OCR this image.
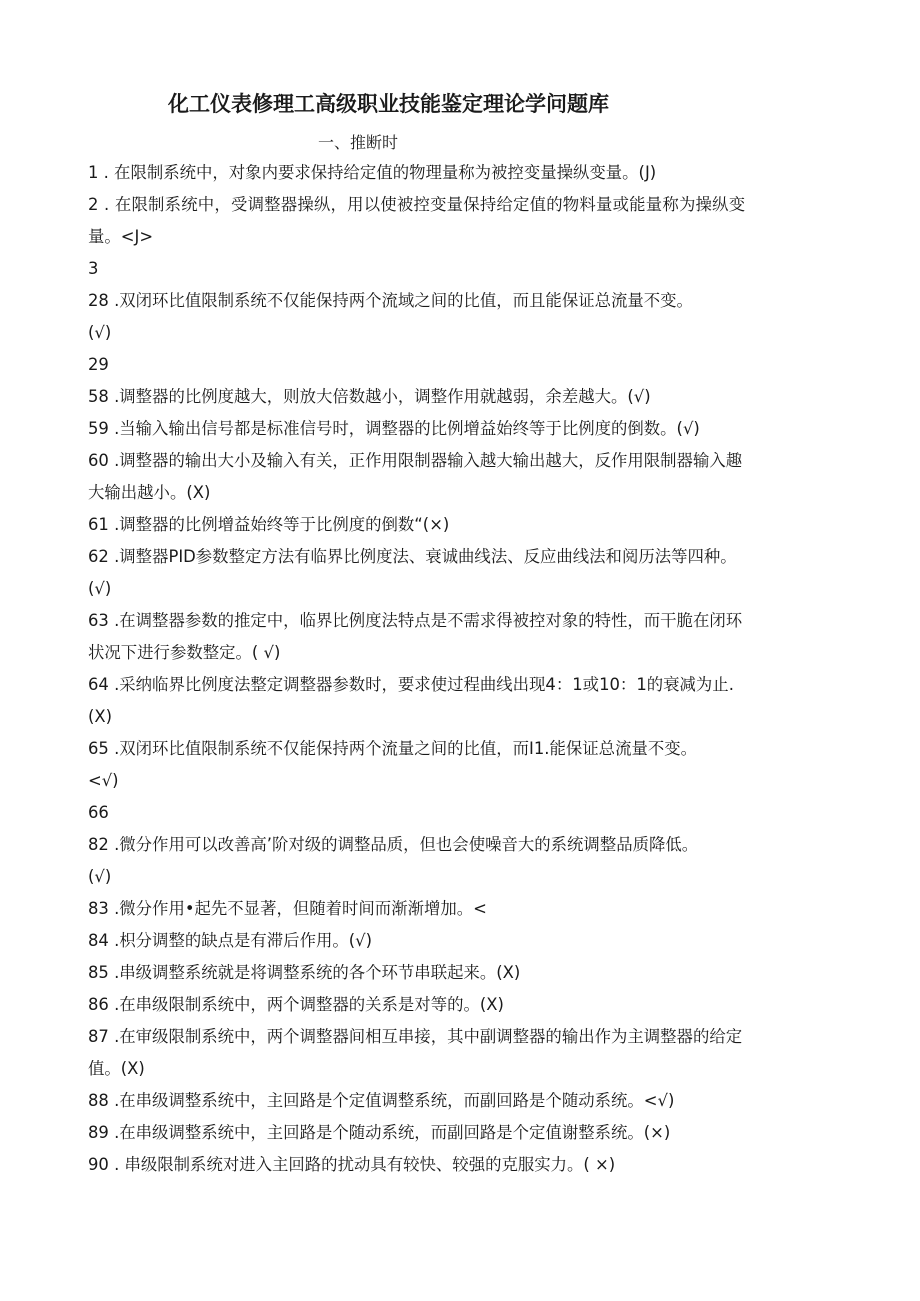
化工仪表修理工高级职业技能鉴定理论学问题库
一、推断时
1 . 在限制系统中，对象内要求保持给定值的物理量称为被控变量操纵变量。(J)
2 . 在限制系统中，受调整器操纵，用以使被控变量保持给定值的物料量或能量称为操纵变
量。<J>
3
28 .双闭环比值限制系统不仅能保持两个流域之间的比值，而且能保证总流量不变。
(√)
29
58 .调整器的比例度越大，则放大倍数越小，调整作用就越弱，余差越大。(√)
59 .当输入输出信号都是标准信号时，调整器的比例增益始终等于比例度的倒数。(√)
60 .调整器的输出大小及输入有关，正作用限制器输入越大输出越大，反作用限制器输入趣
大输出越小。(X)
61 .调整器的比例增益始终等于比例度的倒数“(×)
62 .调整器PID参数整定方法有临界比例度法、衰诚曲线法、反应曲线法和阅历法等四种。
(√)
63 .在调整器参数的推定中，临界比例度法特点是不需求得被控对象的特性，而干脆在闭环
状况下进行参数整定。( √)
64 .采纳临界比例度法整定调整器参数时，要求使过程曲线出现4：1或10：1的衰减为止.
(X)
65 .双闭环比值限制系统不仅能保持两个流量之间的比值，而I1.能保证总流量不变。
<√)
66
82 .微分作用可以改善高’阶对级的调整品质，但也会使噪音大的系统调整品质降低。
(√)
83 .微分作用•起先不显著，但随着时间而渐渐增加。<
84 .枳分调整的缺点是有滞后作用。(√)
85 .串级调整系统就是将调整系统的各个环节串联起来。(X)
86 .在串级限制系统中，两个调整器的关系是对等的。(X)
87 .在审级限制系统中，两个调整器间相互串接，其中副调整器的输出作为主调整器的给定
值。(X)
88 .在串级调整系统中，主回路是个定值调整系统，而副回路是个随动系统。<√)
89 .在串级调整系统中，主回路是个随动系统，而副回路是个定值谢整系统。(×)
90 . 串级限制系统对进入主回路的扰动具有较快、较强的克服实力。( ×)
